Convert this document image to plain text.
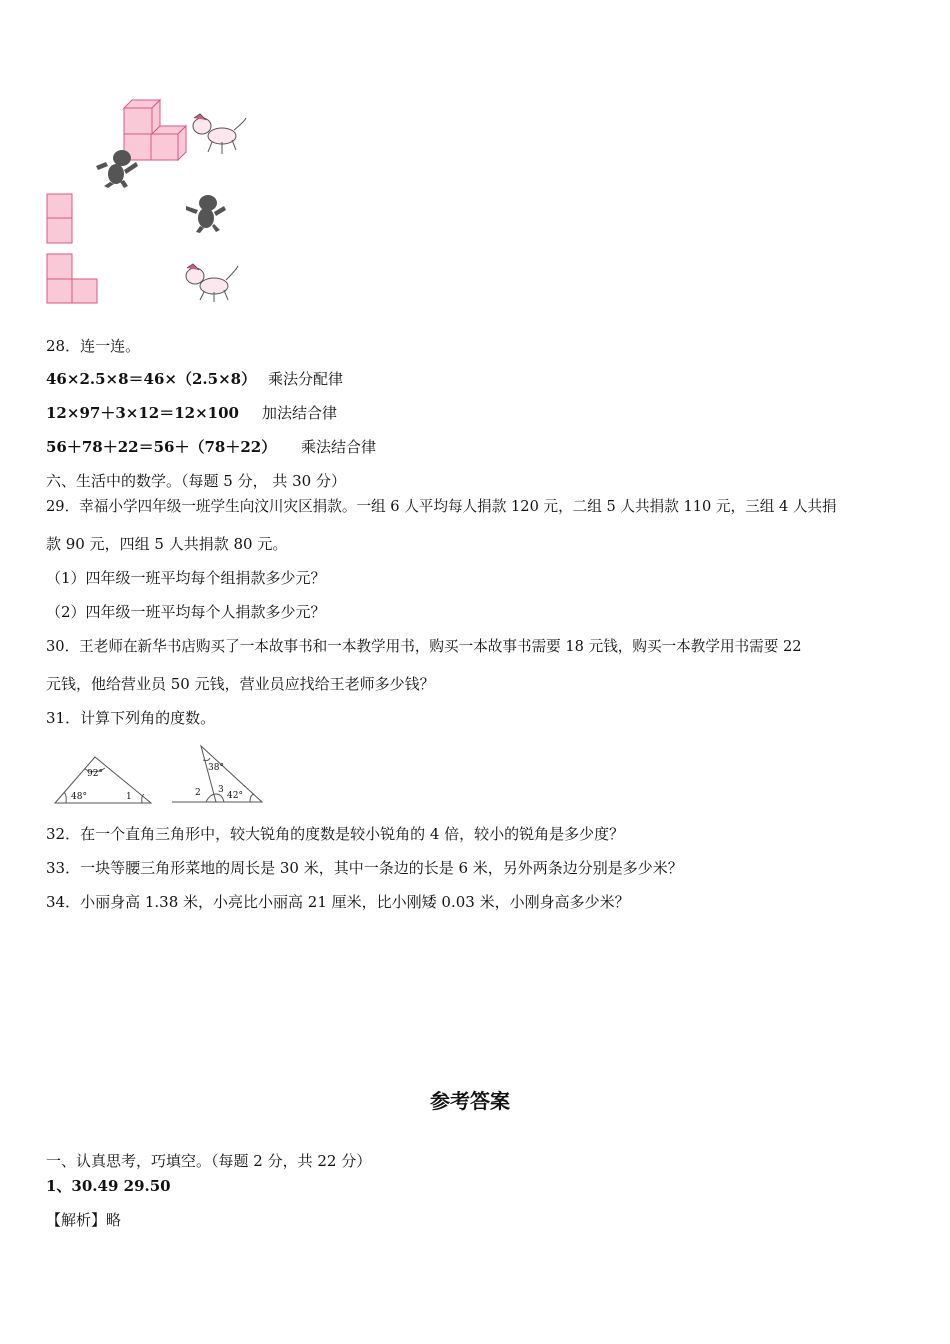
28．连一连。
46×2.5×8＝46×（2.5×8） 乘法分配律
12×97＋3×12＝12×100 加法结合律
56＋78＋22＝56＋（78＋22） 乘法结合律
六、生活中的数学。（每题 5 分， 共 30 分）
29．幸福小学四年级一班学生向汶川灾区捐款。一组 6 人平均每人捐款 120 元，二组 5 人共捐款 110 元，三组 4 人共捐
款 90 元，四组 5 人共捐款 80 元。
（1）四年级一班平均每个组捐款多少元？
（2）四年级一班平均每个人捐款多少元？
30．王老师在新华书店购买了一本故事书和一本教学用书，购买一本故事书需要 18 元钱，购买一本教学用书需要 22
元钱，他给营业员 50 元钱，营业员应找给王老师多少钱？
31．计算下列角的度数。
92°
48°	1
38°
2 3
42°
32．在一个直角三角形中，较大锐角的度数是较小锐角的 4 倍，较小的锐角是多少度？
33．一块等腰三角形菜地的周长是 30 米，其中一条边的长是 6 米，另外两条边分别是多少米？
34．小丽身高 1.38 米，小亮比小丽高 21 厘米，比小刚矮 0.03 米，小刚身高多少米？
参考答案
一、认真思考，巧填空。（每题 2 分，共 22 分）
1、30.49 29.50
【解析】略
